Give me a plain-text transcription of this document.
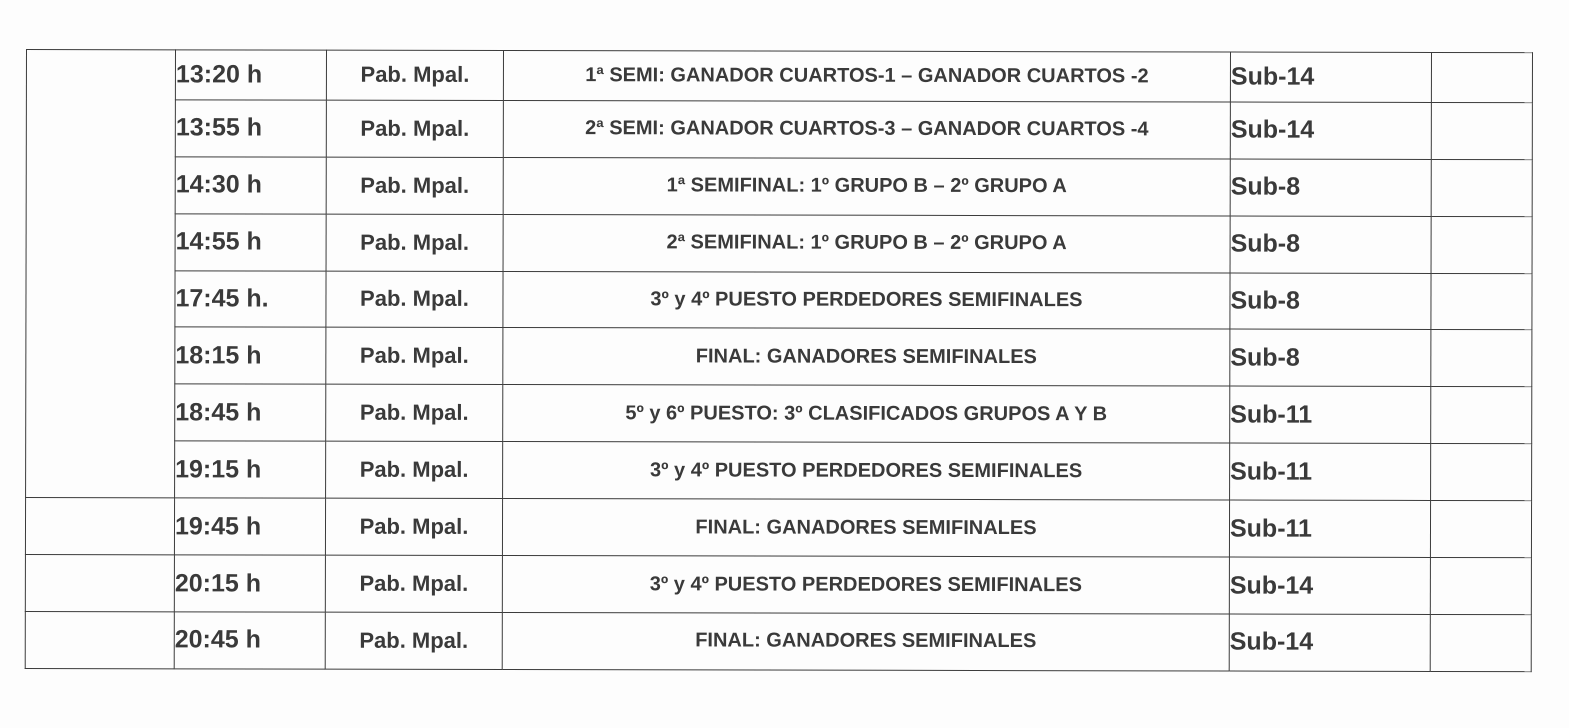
	13:20 h	Pab. Mpal.	1ª SEMI: GANADOR CUARTOS-1 – GANADOR CUARTOS -2	Sub-14	
	13:55 h	Pab. Mpal.	2ª SEMI: GANADOR CUARTOS-3 – GANADOR CUARTOS -4	Sub-14	
	14:30 h	Pab. Mpal.	1ª SEMIFINAL: 1º GRUPO B – 2º GRUPO A	Sub-8	
	14:55 h	Pab. Mpal.	2ª SEMIFINAL: 1º GRUPO B – 2º GRUPO A	Sub-8	
	17:45 h.	Pab. Mpal.	3º y 4º PUESTO PERDEDORES SEMIFINALES	Sub-8	
	18:15 h	Pab. Mpal.	FINAL: GANADORES SEMIFINALES	Sub-8	
	18:45 h	Pab. Mpal.	5º y 6º PUESTO: 3º CLASIFICADOS GRUPOS A Y B	Sub-11	
	19:15 h	Pab. Mpal.	3º y 4º PUESTO PERDEDORES SEMIFINALES	Sub-11	
	19:45 h	Pab. Mpal.	FINAL: GANADORES SEMIFINALES	Sub-11	
	20:15 h	Pab. Mpal.	3º y 4º PUESTO PERDEDORES SEMIFINALES	Sub-14	
	20:45 h	Pab. Mpal.	FINAL: GANADORES SEMIFINALES	Sub-14	
